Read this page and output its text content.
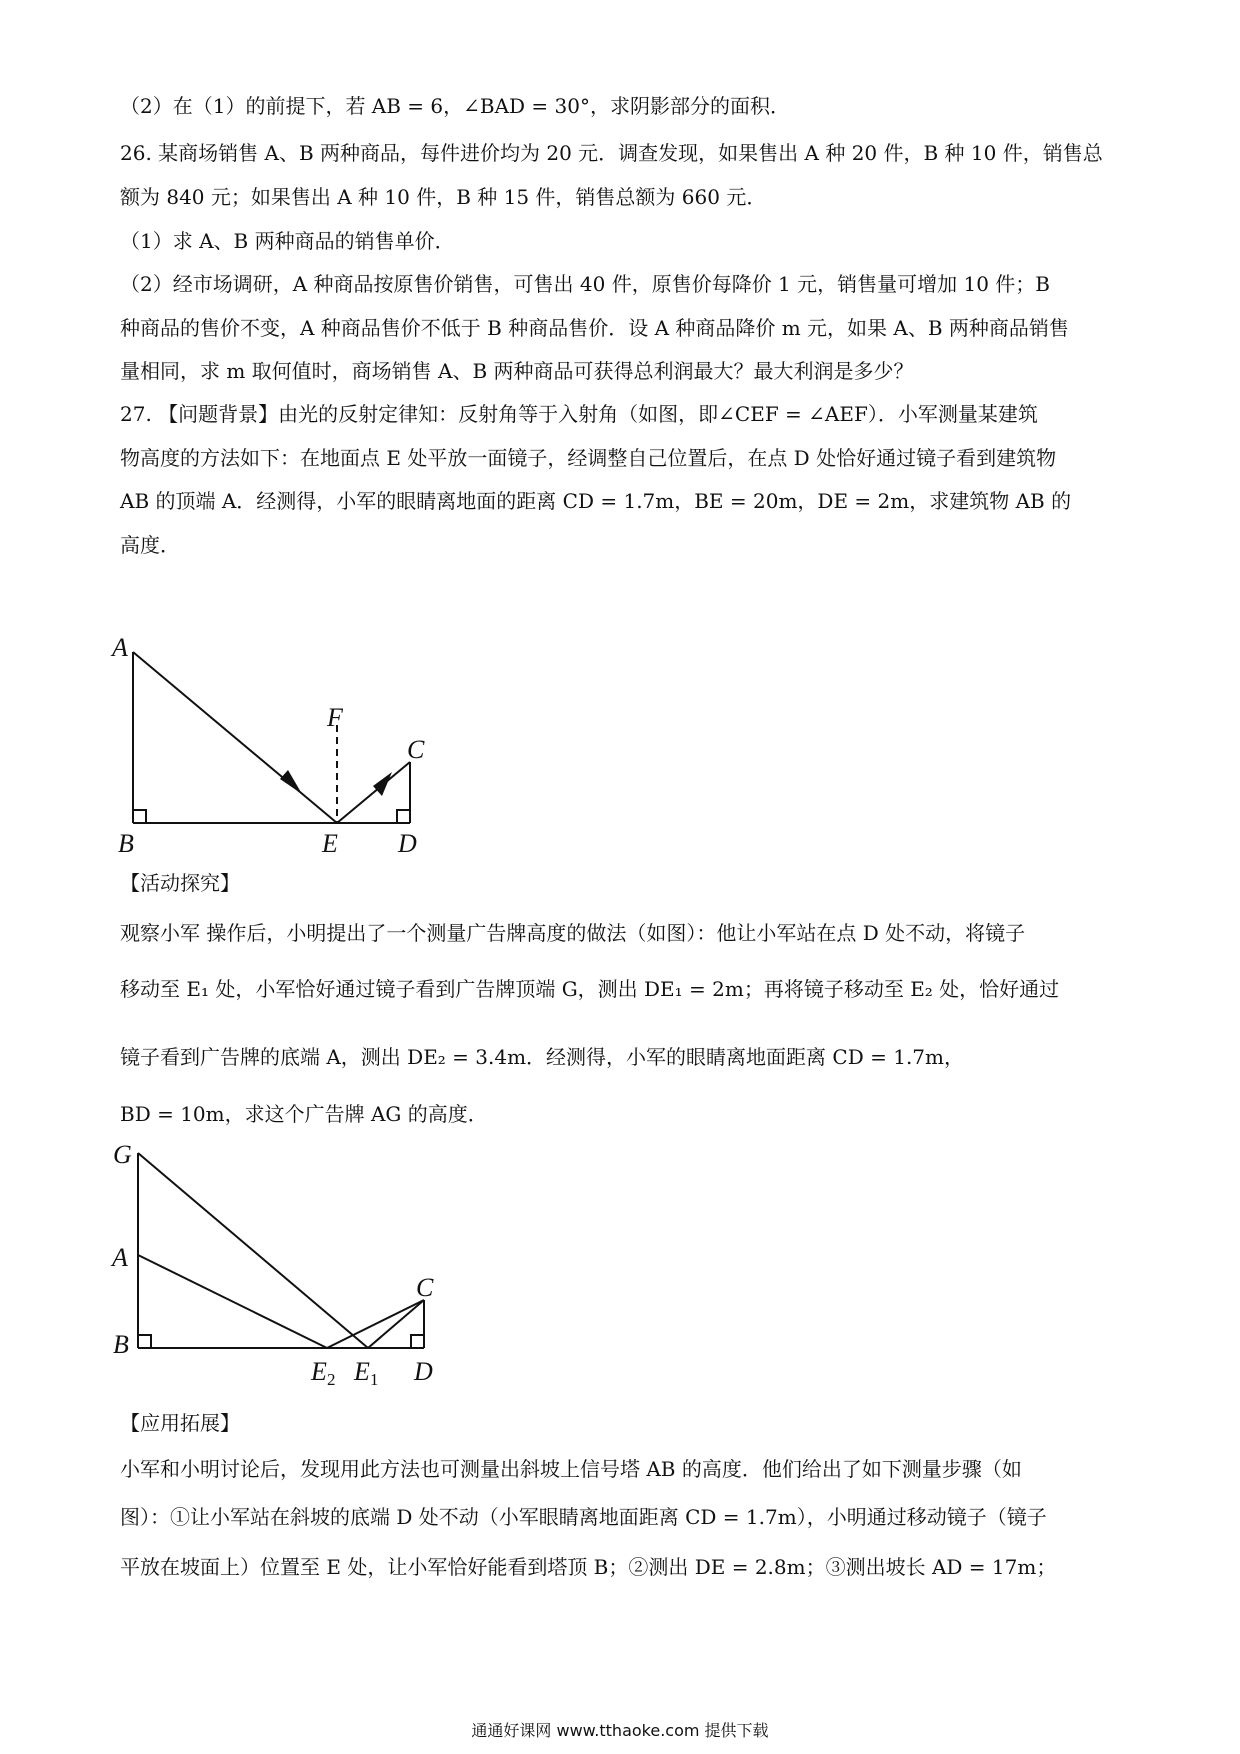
（2）在（1）的前提下，若 AB = 6，∠BAD = 30°，求阴影部分的面积．
26. 某商场销售 A、B 两种商品，每件进价均为 20 元．调查发现，如果售出 A 种 20 件，B 种 10 件，销售总
额为 840 元；如果售出 A 种 10 件，B 种 15 件，销售总额为 660 元．
（1）求 A、B 两种商品的销售单价．
（2）经市场调研，A 种商品按原售价销售，可售出 40 件，原售价每降价 1 元，销售量可增加 10 件；B
种商品的售价不变，A 种商品售价不低于 B 种商品售价．设 A 种商品降价 m 元，如果 A、B 两种商品销售
量相同，求 m 取何值时，商场销售 A、B 两种商品可获得总利润最大？最大利润是多少？
27. 【问题背景】由光的反射定律知：反射角等于入射角（如图，即∠CEF = ∠AEF）．小军测量某建筑
物高度的方法如下：在地面点 E 处平放一面镜子，经调整自己位置后，在点 D 处恰好通过镜子看到建筑物
AB 的顶端 A．经测得，小军的眼睛离地面的距离 CD = 1.7m，BE = 20m，DE = 2m，求建筑物 AB 的
高度．
【活动探究】
观察小军 操作后，小明提出了一个测量广告牌高度的做法（如图）：他让小军站在点 D 处不动，将镜子
移动至 E₁ 处，小军恰好通过镜子看到广告牌顶端 G，测出 DE₁ = 2m；再将镜子移动至 E₂ 处，恰好通过
镜子看到广告牌的底端 A，测出 DE₂ = 3.4m．经测得，小军的眼睛离地面距离 CD = 1.7m，
BD = 10m，求这个广告牌 AG 的高度．
【应用拓展】
小军和小明讨论后，发现用此方法也可测量出斜坡上信号塔 AB 的高度．他们给出了如下测量步骤（如
图）：①让小军站在斜坡的底端 D 处不动（小军眼睛离地面距离 CD = 1.7m），小明通过移动镜子（镜子
平放在坡面上）位置至 E 处，让小军恰好能看到塔顶 B；②测出 DE = 2.8m；③测出坡长 AD = 17m；
A
F
C
B	E D
G
A
C
B
E 2 E 1 D
通通好课网 www.tthaoke.com 提供下载
